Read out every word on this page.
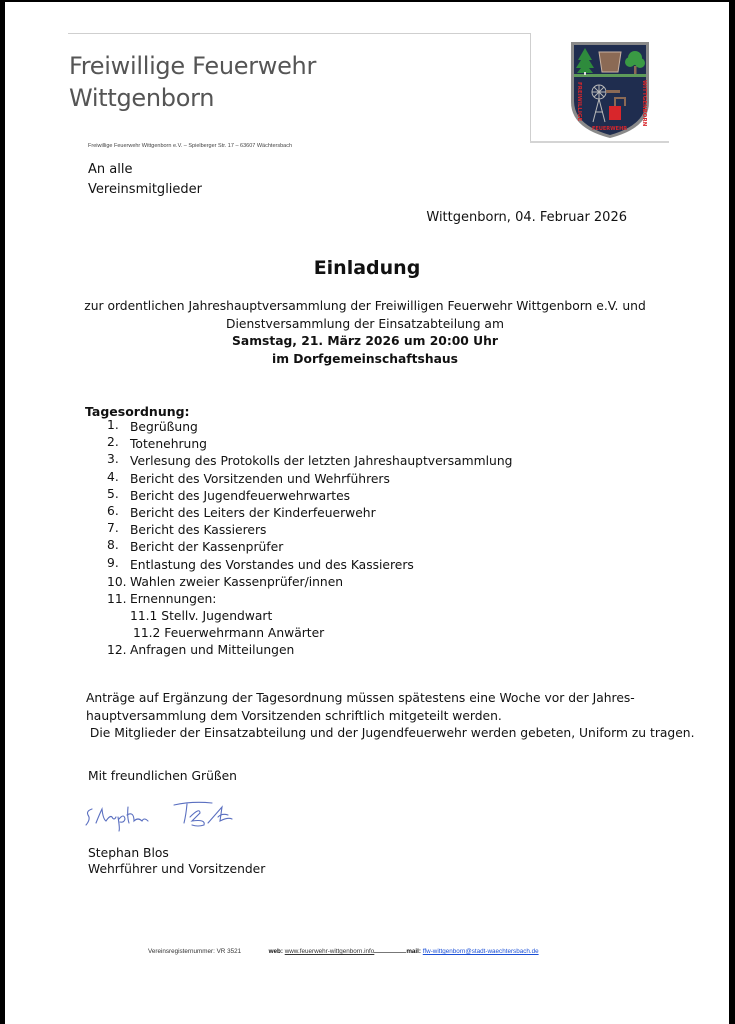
Freiwillige Feuerwehr
Wittgenborn	FREIWILLIGE	WITTGENBORN
FEUERWEHR
Freiwillige Feuerwehr Wittgenborn e.V. – Spielberger Str. 17 – 63607 Wächtersbach
An alle
Vereinsmitglieder
Wittgenborn, 04. Februar 2026
Einladung
zur ordentlichen Jahreshauptversammlung der Freiwilligen Feuerwehr Wittgenborn e.V. und
Dienstversammlung der Einsatzabteilung am
Samstag, 21. März 2026 um 20:00 Uhr
im Dorfgemeinschaftshaus
Tagesordnung:
1. Begrüßung
2. Totenehrung
3. Verlesung des Protokolls der letzten Jahreshauptversammlung
4. Bericht des Vorsitzenden und Wehrführers
5. Bericht des Jugendfeuerwehrwartes
6. Bericht des Leiters der Kinderfeuerwehr
7. Bericht des Kassierers
8. Bericht der Kassenprüfer
9. Entlastung des Vorstandes und des Kassierers
10. Wahlen zweier Kassenprüfer/innen
11. Ernennungen:
11.1 Stellv. Jugendwart
11.2 Feuerwehrmann Anwärter
12. Anfragen und Mitteilungen
Anträge auf Ergänzung der Tagesordnung müssen spätestens eine Woche vor der Jahres-
hauptversammlung dem Vorsitzenden schriftlich mitgeteilt werden.
Die Mitglieder der Einsatzabteilung und der Jugendfeuerwehr werden gebeten, Uniform zu tragen.
Mit freundlichen Grüßen
Stephan Blos
Wehrführer und Vorsitzender
Vereinsregisternummer: VR 3521	web: www.feuerwehr-wittgenborn.info	mail: ffw-wittgenborn@stadt-waechtersbach.de
